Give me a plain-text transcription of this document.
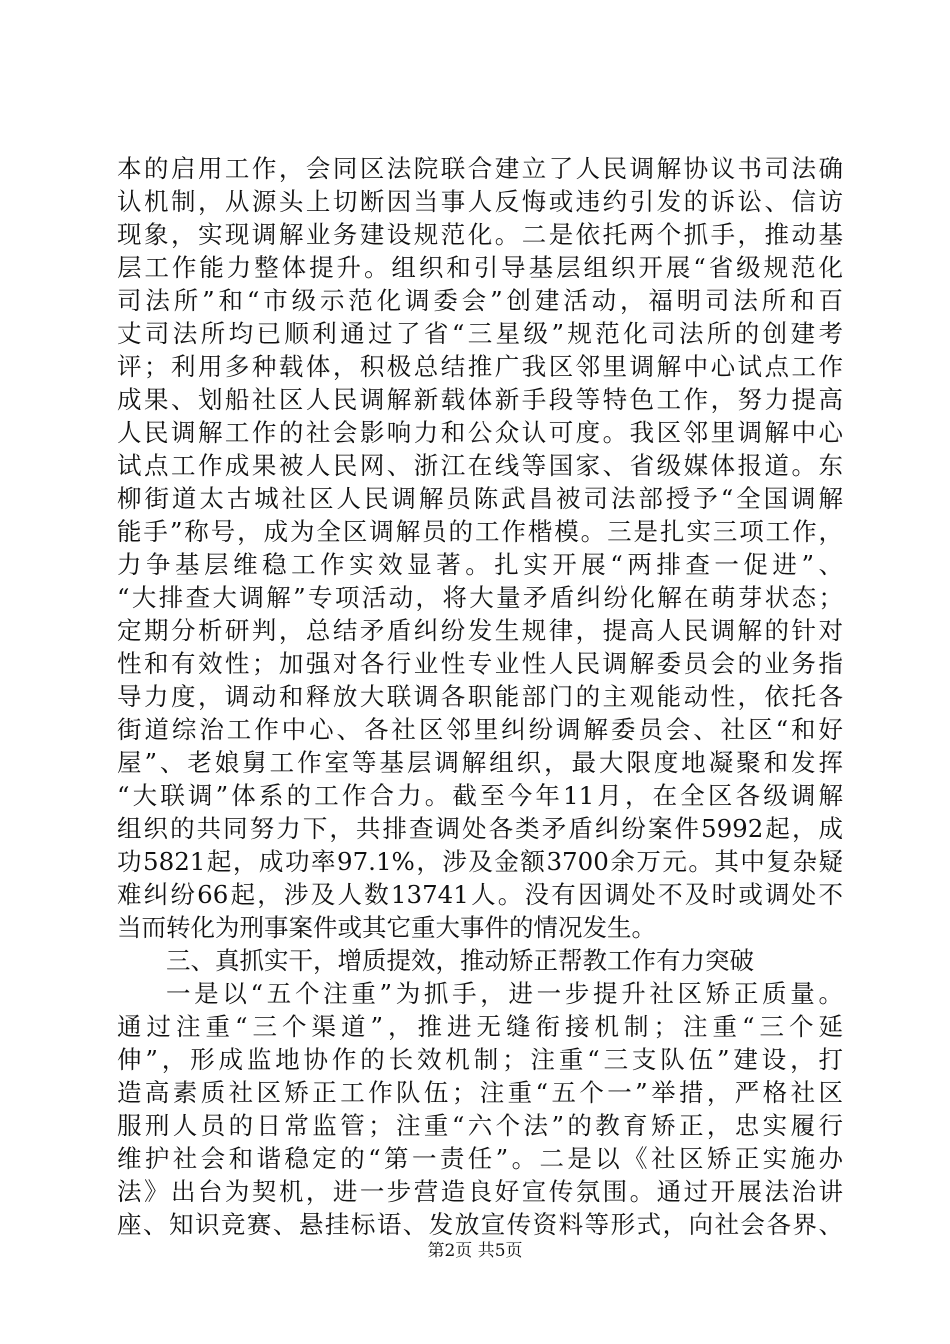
本的启用工作，会同区法院联合建立了人民调解协议书司法确
认机制，从源头上切断因当事人反悔或违约引发的诉讼、信访
现象，实现调解业务建设规范化。二是依托两个抓手，推动基
层工作能力整体提升。组织和引导基层组织开展“省级规范化
司法所”和“市级示范化调委会”创建活动，福明司法所和百
丈司法所均已顺利通过了省“三星级”规范化司法所的创建考
评；利用多种载体，积极总结推广我区邻里调解中心试点工作
成果、划船社区人民调解新载体新手段等特色工作，努力提高
人民调解工作的社会影响力和公众认可度。我区邻里调解中心
试点工作成果被人民网、浙江在线等国家、省级媒体报道。东
柳街道太古城社区人民调解员陈武昌被司法部授予“全国调解
能手”称号，成为全区调解员的工作楷模。三是扎实三项工作，
力争基层维稳工作实效显著。扎实开展“两排查一促进”、
“大排查大调解”专项活动，将大量矛盾纠纷化解在萌芽状态；
定期分析研判，总结矛盾纠纷发生规律，提高人民调解的针对
性和有效性；加强对各行业性专业性人民调解委员会的业务指
导力度，调动和释放大联调各职能部门的主观能动性，依托各
街道综治工作中心、各社区邻里纠纷调解委员会、社区“和好
屋”、老娘舅工作室等基层调解组织，最大限度地凝聚和发挥
“大联调”体系的工作合力。截至今年11月，在全区各级调解
组织的共同努力下，共排查调处各类矛盾纠纷案件5992起，成
功5821起，成功率97.1%，涉及金额3700余万元。其中复杂疑
难纠纷66起，涉及人数13741人。没有因调处不及时或调处不
当而转化为刑事案件或其它重大事件的情况发生。
三、真抓实干，增质提效，推动矫正帮教工作有力突破
一是以“五个注重”为抓手，进一步提升社区矫正质量。
通过注重“三个渠道”，推进无缝衔接机制；注重“三个延
伸”，形成监地协作的长效机制；注重“三支队伍”建设，打
造高素质社区矫正工作队伍；注重“五个一”举措，严格社区
服刑人员的日常监管；注重“六个法”的教育矫正，忠实履行
维护社会和谐稳定的“第一责任”。二是以《社区矫正实施办
法》出台为契机，进一步营造良好宣传氛围。通过开展法治讲
座、知识竞赛、悬挂标语、发放宣传资料等形式，向社会各界、
第2页 共5页
